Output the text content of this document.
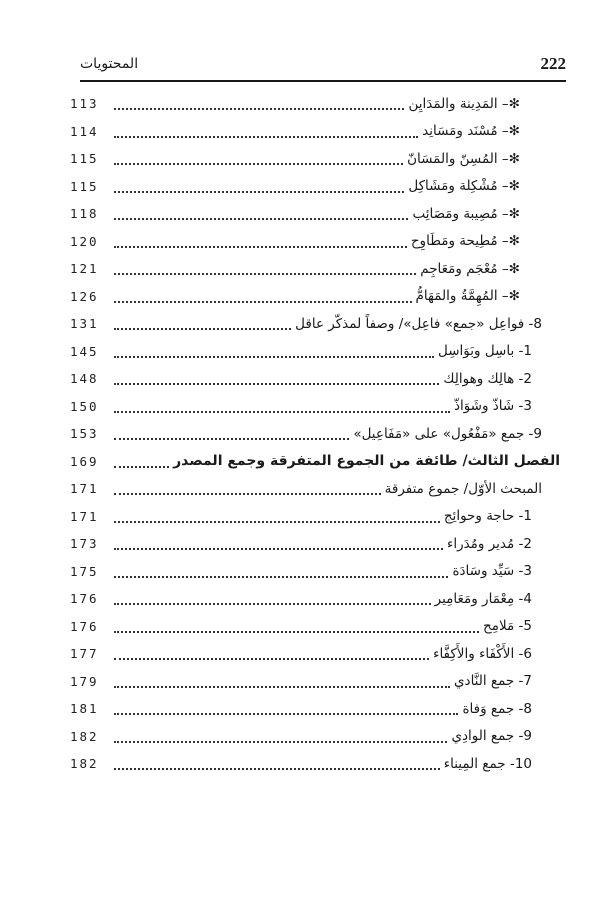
المحتويات	222
113	✻– المَدِينة والمَدَايِن
114	✻– مُسْنَد ومَسَانِد
115	✻– المُسِنّ والمَسَانّ
115	✻– مُشْكِلة ومَشَاكِل
118	✻– مُصِيبة ومَصَائِب
120	✻– مُطِيحة ومَطَاوِح
121	✻– مُعْجَم ومَعَاجِم
126	✻– المُهِمَّةُ والمَهَامُّ
131	8- فواعِل «جمع» فاعِل»/ وصفاً لمذكّر عاقل
145	1- باسِل وبَوَاسِل
148	2- هالِك وهوالِك
150	3- شَاذّ وشَوَاذّ
153	9- جمع «مَفْعُول» على «مَفَاعِيل»
169	الفصل الثالث/ طائفة من الجموع المتفرقة وجمع المصدر
171	المبحث الأوّل/ جموع متفرقة
171	1- حاجة وحوائِج
173	2- مُدير ومُدَراء
175	3- سَيِّد وسَادَة
176	4- مِعْمَار ومَعَامِير
176	5- مَلامِح
177	6- الأَكْفَاء والأَكِفَّاء
179	7- جمع النَّادي
181	8- جمع وَفاة
182	9- جمع الوادِي
182	10- جمع المِيناء
